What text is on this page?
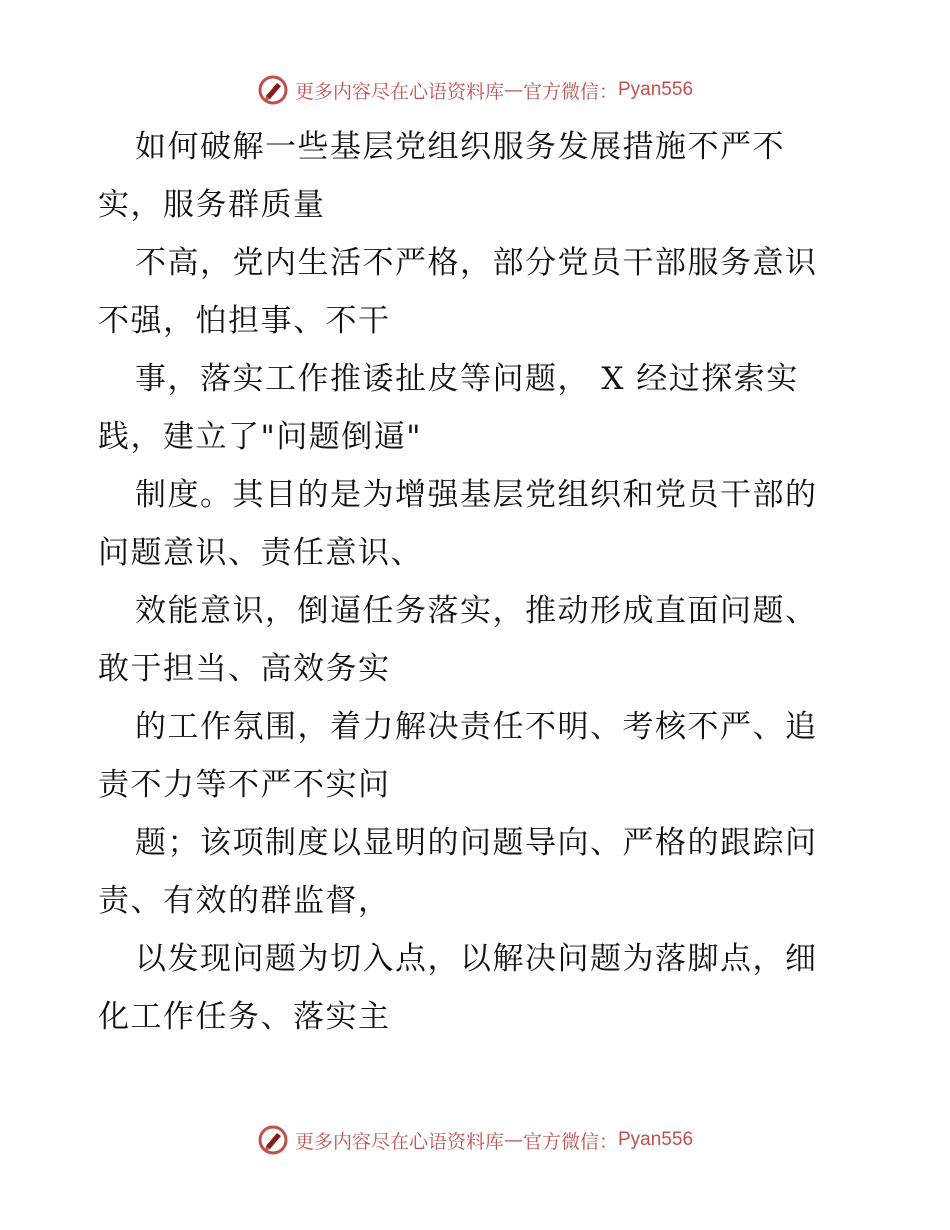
更多内容尽在心语资料库 — 官方微信： Pyan556
如何破解一些基层党组织服务发展措施不严不
实，服务群质量
不高，党内生活不严格，部分党员干部服务意识
不强，怕担事、不干
事，落实工作推诿扯皮等问题， X 经过探索实
践，建立了"问题倒逼"
制度。其目的是为增强基层党组织和党员干部的
问题意识、责任意识、
效能意识，倒逼任务落实，推动形成直面问题、
敢于担当、高效务实
的工作氛围，着力解决责任不明、考核不严、追
责不力等不严不实问
题；该项制度以显明的问题导向、严格的跟踪问
责、有效的群监督，
以发现问题为切入点，以解决问题为落脚点，细
化工作任务、落实主
更多内容尽在心语资料库 — 官方微信： Pyan556
